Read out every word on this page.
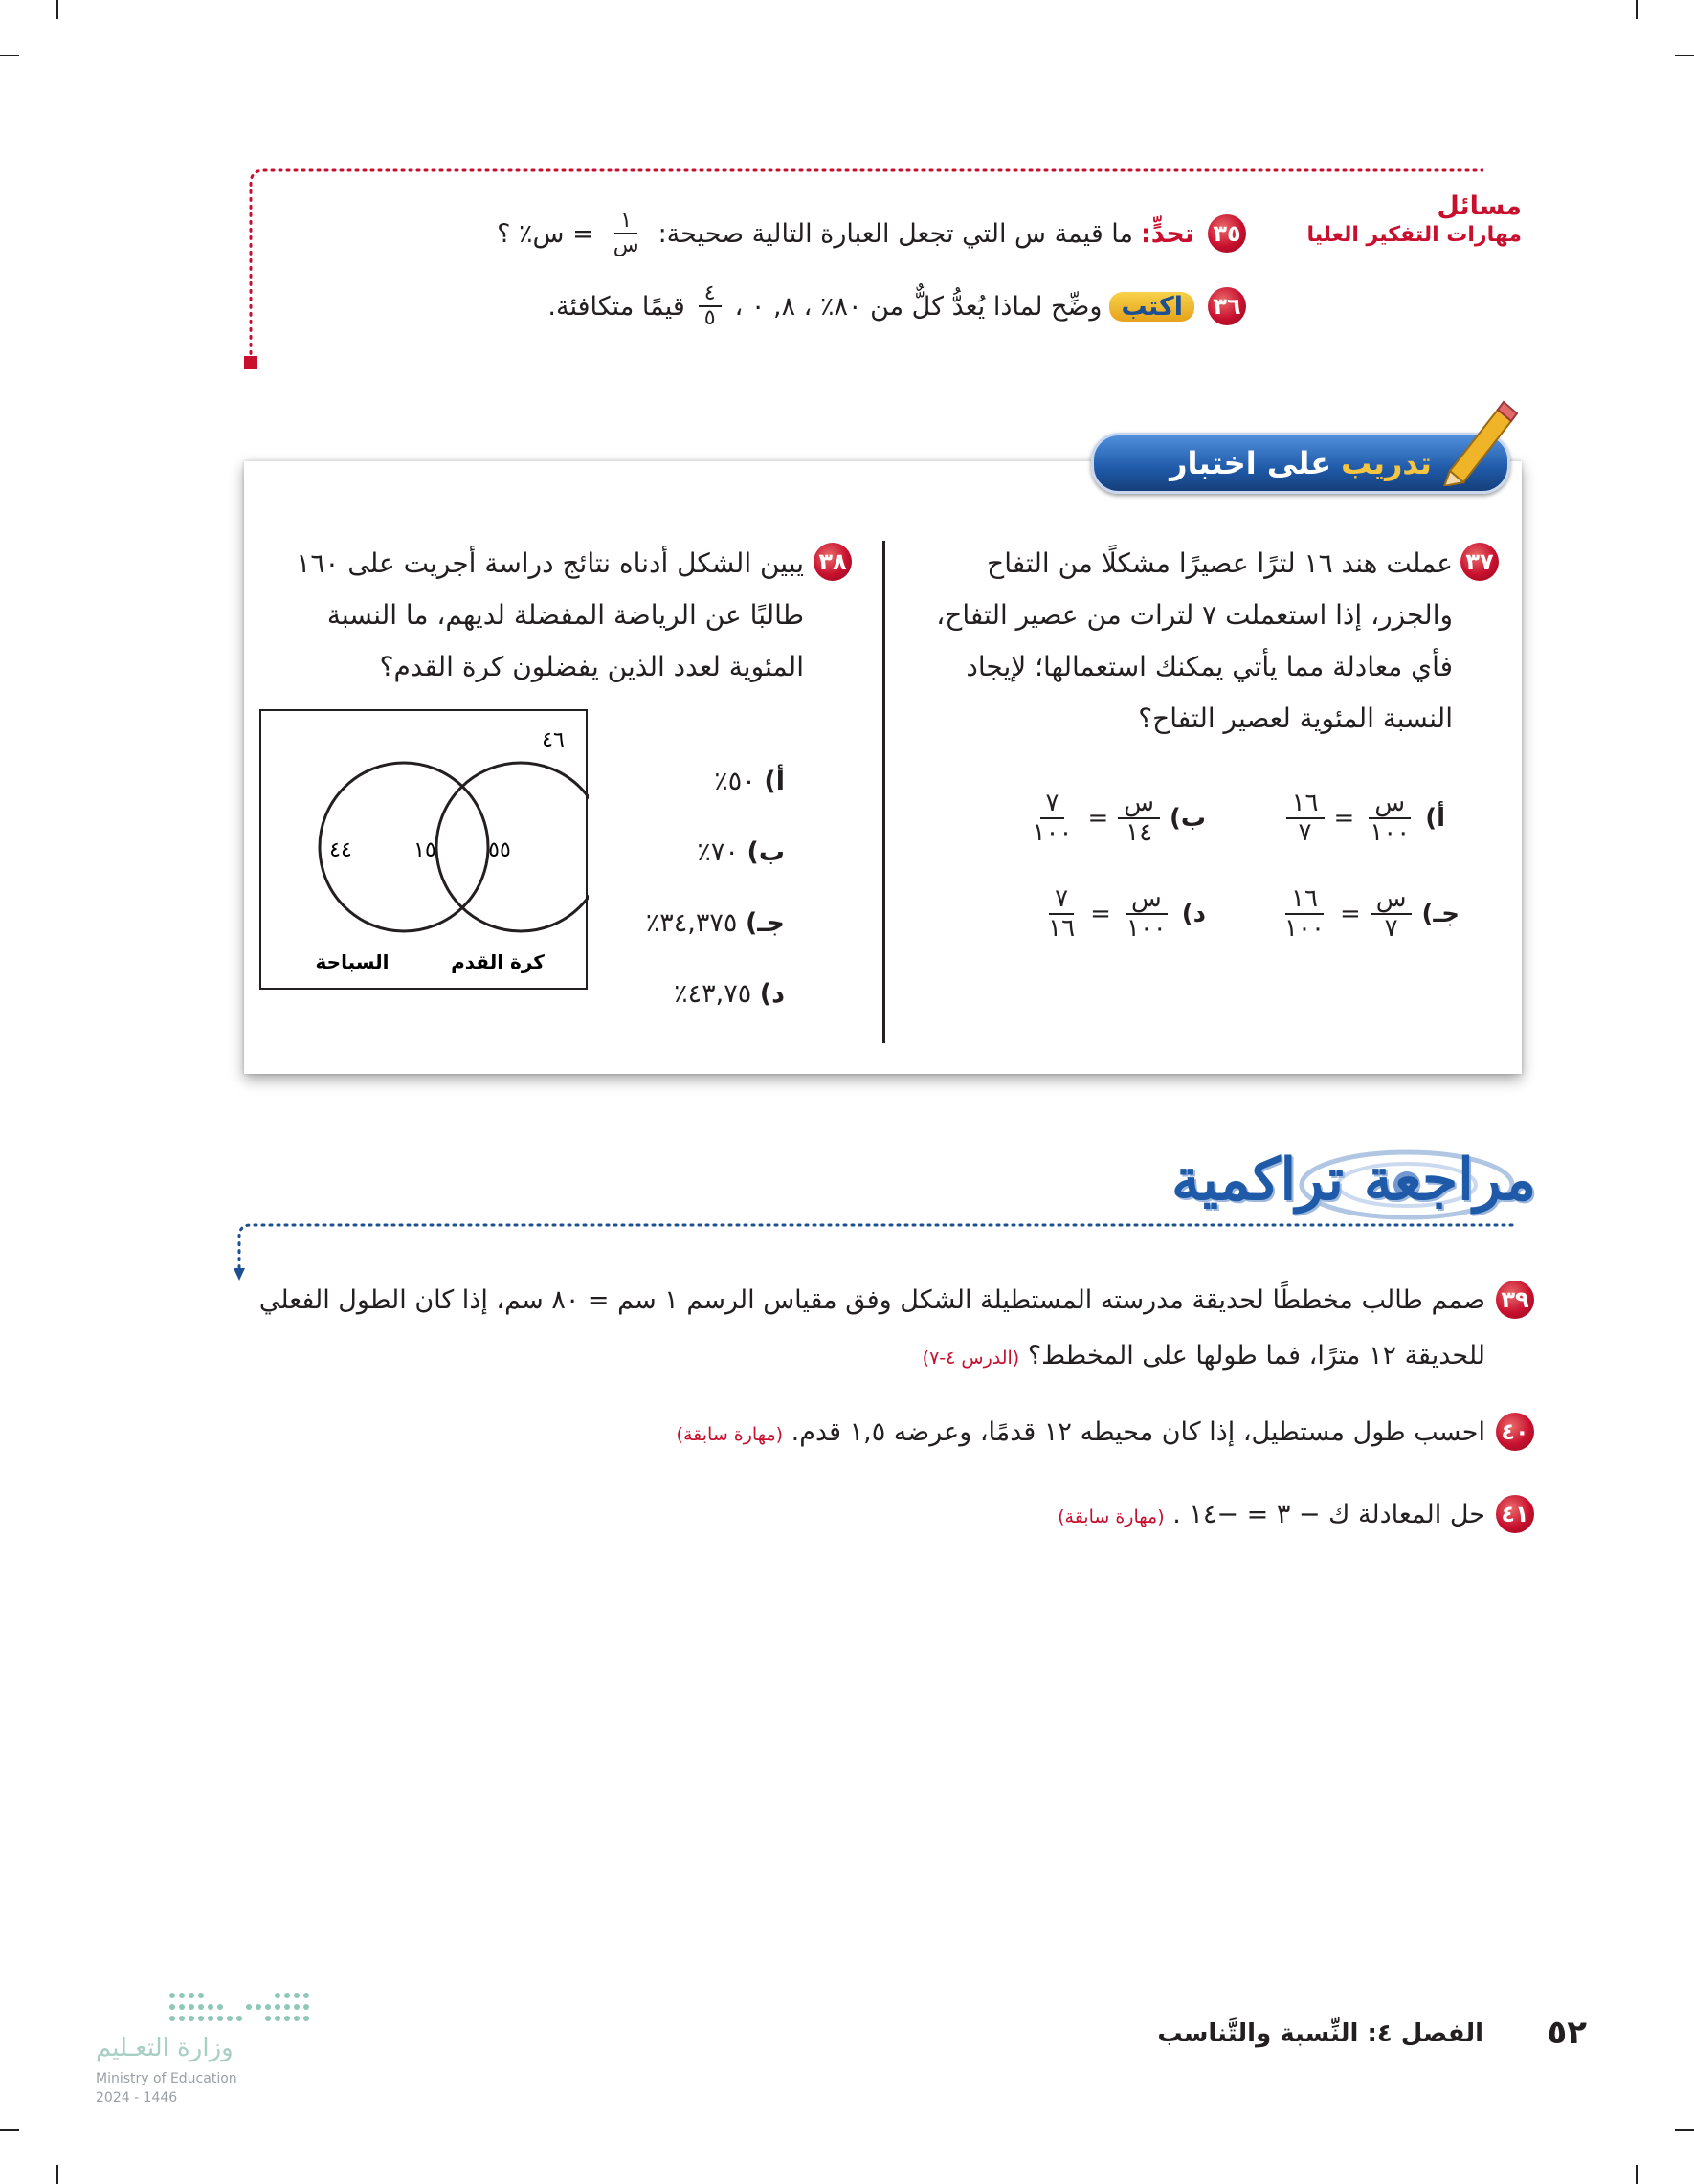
مسائل
مهارات التفكير العليا
٣٥
تحدٍّ:
ما قيمة س التي تجعل العبارة التالية صحيحة:
$\frac{١}{\text{س}}$
= س٪ ؟
٣٦
اكتب
وضِّح لماذا يُعدُّ كلٌّ من ٨٠٪ ، ٨, ٠ ،
$\frac{٤}{٥}$
قيمًا متكافئة.
تدريب
على اختبار
٣٧
عملت هند ١٦ لترًا عصيرًا مشكلًا من التفاح
والجزر، إذا استعملت ٧ لترات من عصير التفاح،
فأي معادلة مما يأتي يمكنك استعمالها؛ لإيجاد
النسبة المئوية لعصير التفاح؟
أ)
$\frac{\text{س}}{١٠٠}$
=
$\frac{١٦}{٧}$
ب)
$\frac{\text{س}}{١٤}$
=
$\frac{٧}{١٠٠}$
جـ)
$\frac{\text{س}}{٧}$
=
$\frac{١٦}{١٠٠}$
د)
$\frac{\text{س}}{١٠٠}$
=
$\frac{٧}{١٦}$
٣٨
يبين الشكل أدناه نتائج دراسة أجريت على ١٦٠
طالبًا عن الرياضة المفضلة لديهم، ما النسبة
المئوية لعدد الذين يفضلون كرة القدم؟
أ) ٥٠٪
ب) ٧٠٪
جـ) ٣٤,٣٧٥٪
د) ٤٣,٧٥٪
٤٦
٤٤	١٥ ٥٥
السباحة	كرة القدم
مراجعة تراكمية
٣٩
صمم طالب مخططًا لحديقة مدرسته المستطيلة الشكل وفق مقياس الرسم ١ سم = ٨٠ سم، إذا كان الطول الفعلي
للحديقة ١٢ مترًا، فما طولها على المخطط؟ (الدرس ٤-٧)
٤٠
احسب طول مستطيل، إذا كان محيطه ١٢ قدمًا، وعرضه ١,٥ قدم. (مهارة سابقة)
٤١
حل المعادلة ك − ٣ = −١٤ . (مهارة سابقة)
وزارة التعـليم
Ministry of Education
2024 - 1446
الفصل ٤: النِّسبة والتَّناسب ٥٢
